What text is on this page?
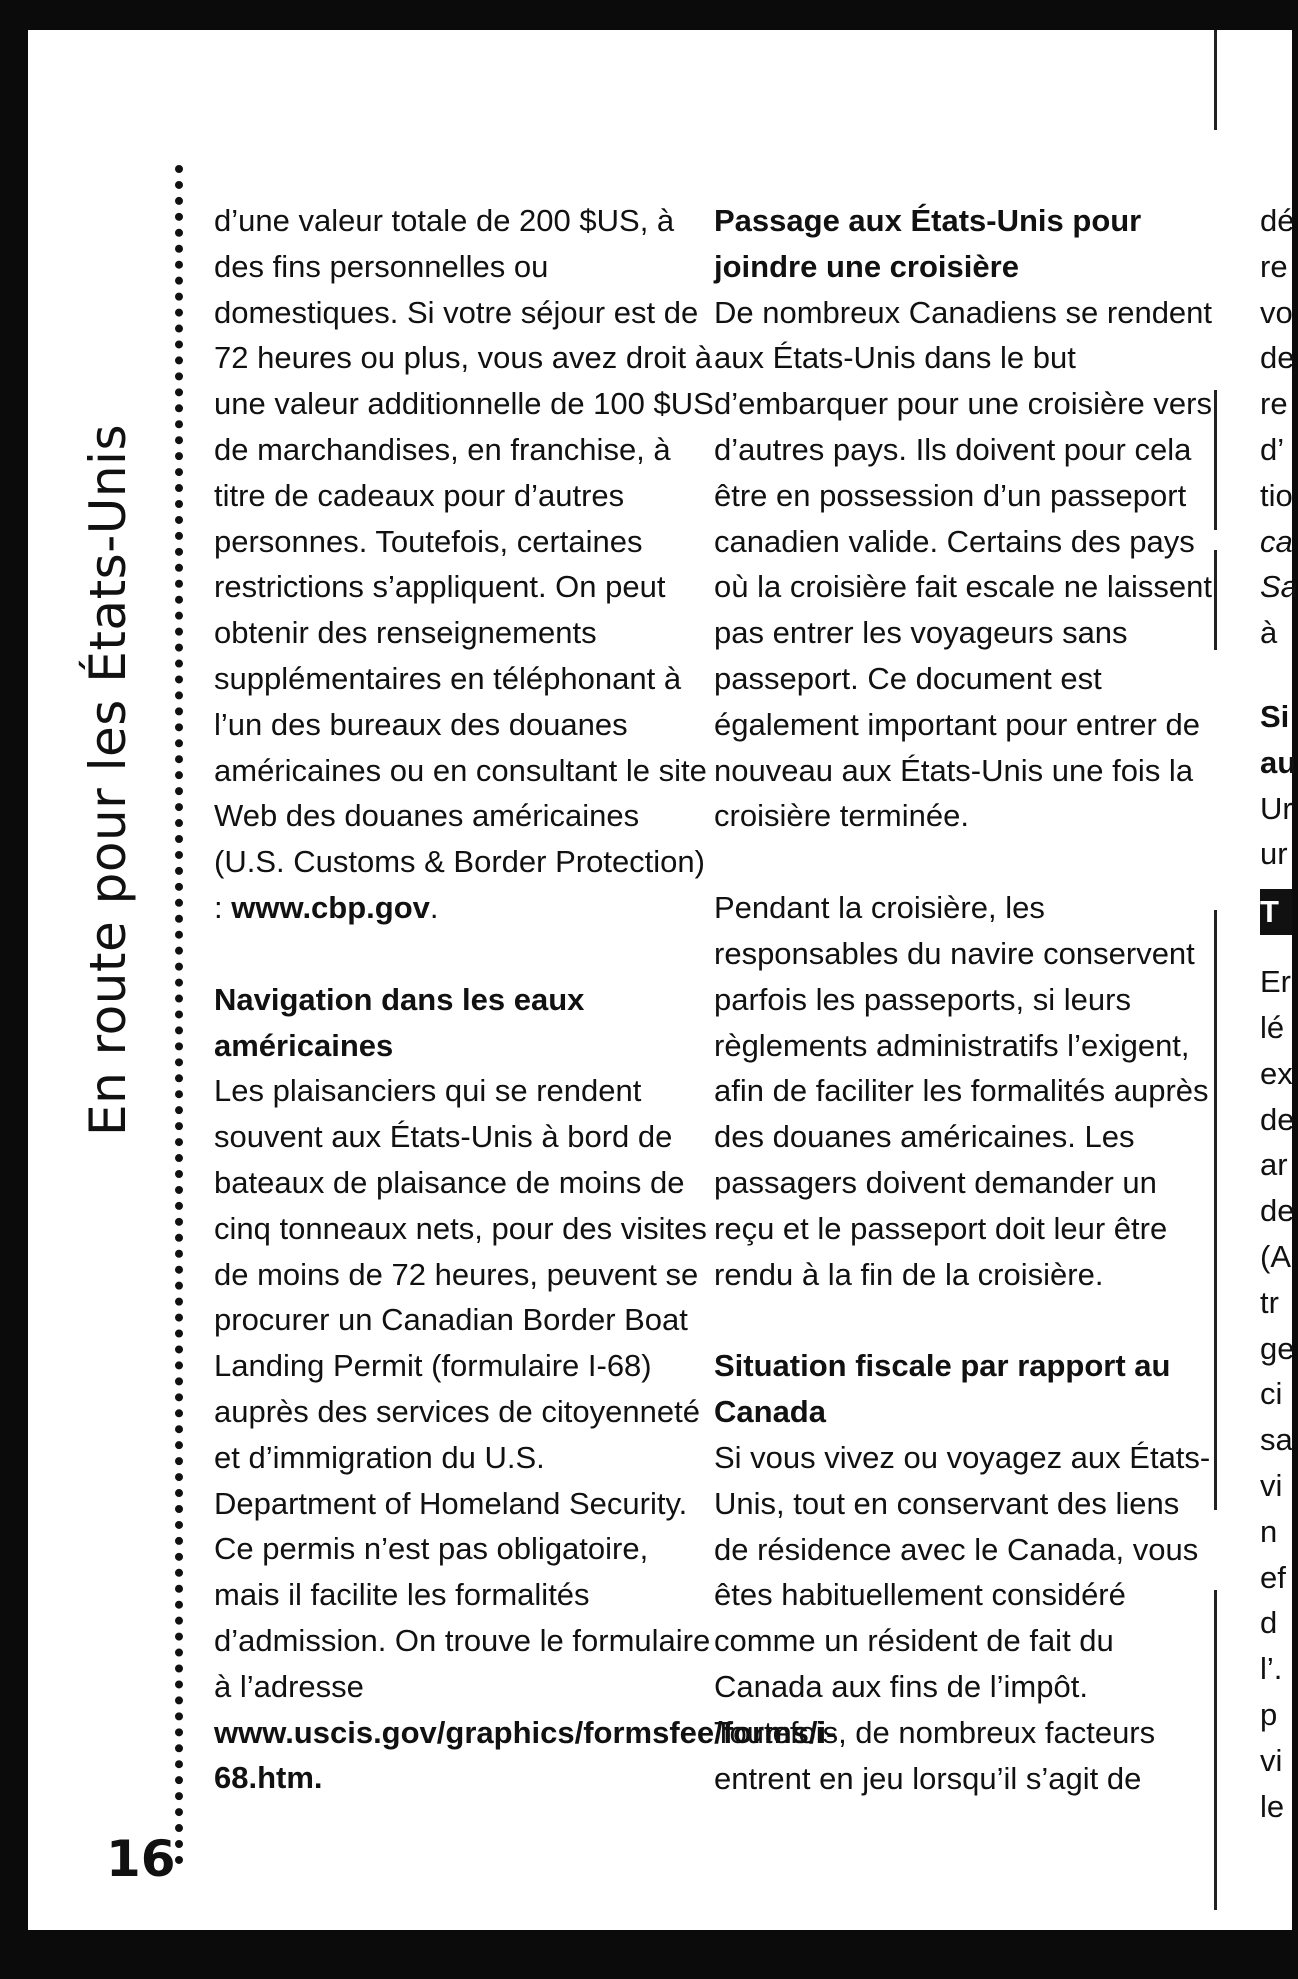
En route pour les États-Unis
16

d’une valeur totale de 200 $US, à des fins personnelles ou domestiques. Si votre séjour est de 72 heures ou plus, vous avez droit à une valeur additionnelle de 100 $US de marchandises, en franchise, à titre de cadeaux pour d’autres personnes. Toutefois, certaines restrictions s’appliquent. On peut obtenir des renseignements supplémentaires en téléphonant à l’un des bureaux des douanes américaines ou en consultant le site Web des douanes américaines (U.S. Customs & Border Protection) : www.cbp.gov.

Navigation dans les eaux américaines

Les plaisanciers qui se rendent souvent aux États-Unis à bord de bateaux de plaisance de moins de cinq tonneaux nets, pour des visites de moins de 72 heures, peuvent se procurer un Canadian Border Boat Landing Permit (formulaire I-68) auprès des services de citoyenneté et d’immigration du U.S. Department of Homeland Security. Ce permis n’est pas obligatoire, mais il facilite les formalités d’admission. On trouve le formulaire à l’adresse www.uscis.gov/graphics/formsfee/forms/i-68.htm.

Passage aux États-Unis pour joindre une croisière

De nombreux Canadiens se rendent aux États-Unis dans le but d’embarquer pour une croisière vers d’autres pays. Ils doivent pour cela être en possession d’un passeport canadien valide. Certains des pays où la croisière fait escale ne laissent pas entrer les voyageurs sans passeport. Ce document est également important pour entrer de nouveau aux États-Unis une fois la croisière terminée.

Pendant la croisière, les responsables du navire conservent parfois les passeports, si leurs règlements administratifs l’exigent, afin de faciliter les formalités auprès des douanes américaines. Les passagers doivent demander un reçu et le passeport doit leur être rendu à la fin de la croisière.

Situation fiscale par rapport au Canada

Si vous vivez ou voyagez aux États-Unis, tout en conservant des liens de résidence avec le Canada, vous êtes habituellement considéré comme un résident de fait du Canada aux fins de l’impôt. Toutefois, de nombreux facteurs entrent en jeu lorsqu’il s’agit de

dé
re
vo
de
re
d’
tio
ca
Sa
à
Si
au
Ur
ur
T
Er
lé
ex
de
ar
de
(A
tr
ge
ci
sa
vi
n
ef
d
l’.
p
vi
le
